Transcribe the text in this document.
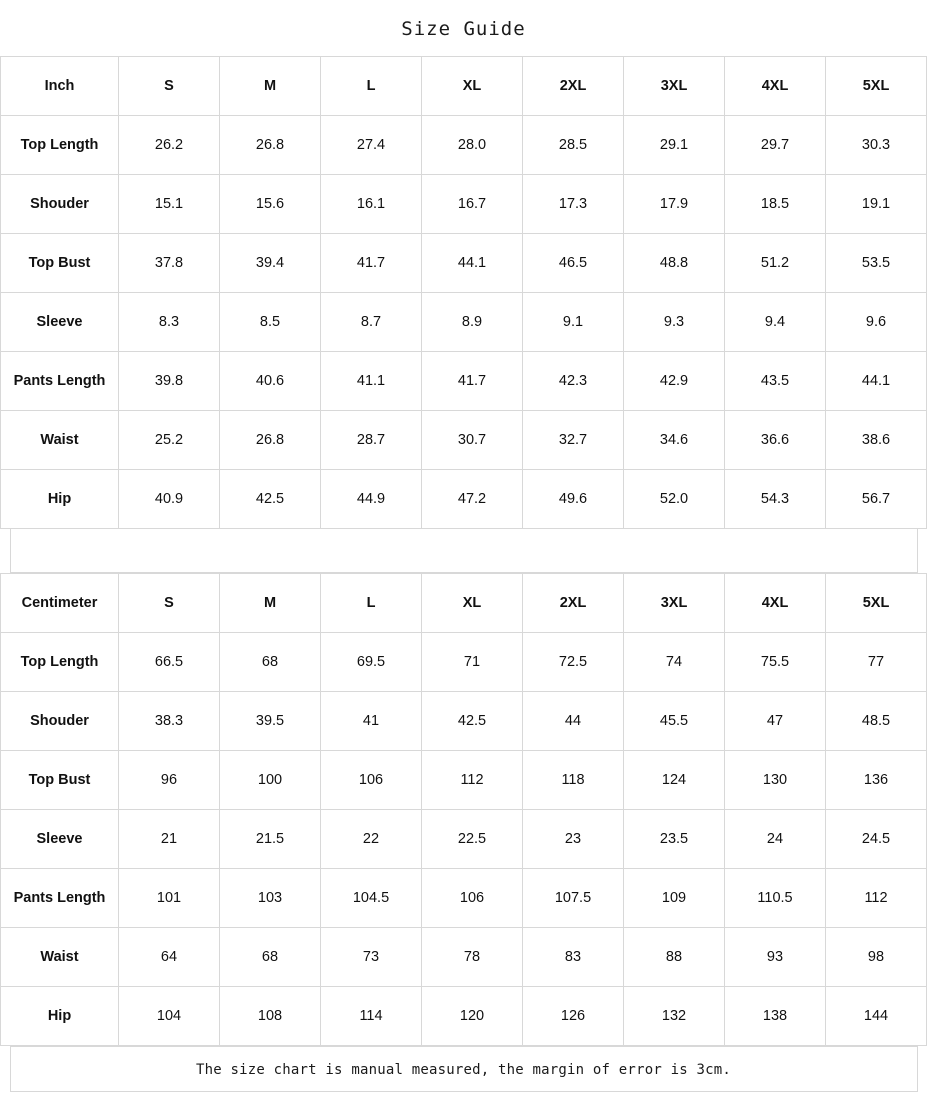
Size Guide
Inch	S	M	L	XL	2XL	3XL	4XL	5XL
Top Length	26.2	26.8	27.4	28.0	28.5	29.1	29.7	30.3
Shouder	15.1	15.6	16.1	16.7	17.3	17.9	18.5	19.1
Top Bust	37.8	39.4	41.7	44.1	46.5	48.8	51.2	53.5
Sleeve	8.3	8.5	8.7	8.9	9.1	9.3	9.4	9.6
Pants Length	39.8	40.6	41.1	41.7	42.3	42.9	43.5	44.1
Waist	25.2	26.8	28.7	30.7	32.7	34.6	36.6	38.6
Hip	40.9	42.5	44.9	47.2	49.6	52.0	54.3	56.7
Centimeter	S	M	L	XL	2XL	3XL	4XL	5XL
Top Length	66.5	68	69.5	71	72.5	74	75.5	77
Shouder	38.3	39.5	41	42.5	44	45.5	47	48.5
Top Bust	96	100	106	112	118	124	130	136
Sleeve	21	21.5	22	22.5	23	23.5	24	24.5
Pants Length	101	103	104.5	106	107.5	109	110.5	112
Waist	64	68	73	78	83	88	93	98
Hip	104	108	114	120	126	132	138	144
The size chart is manual measured, the margin of error is 3cm.
